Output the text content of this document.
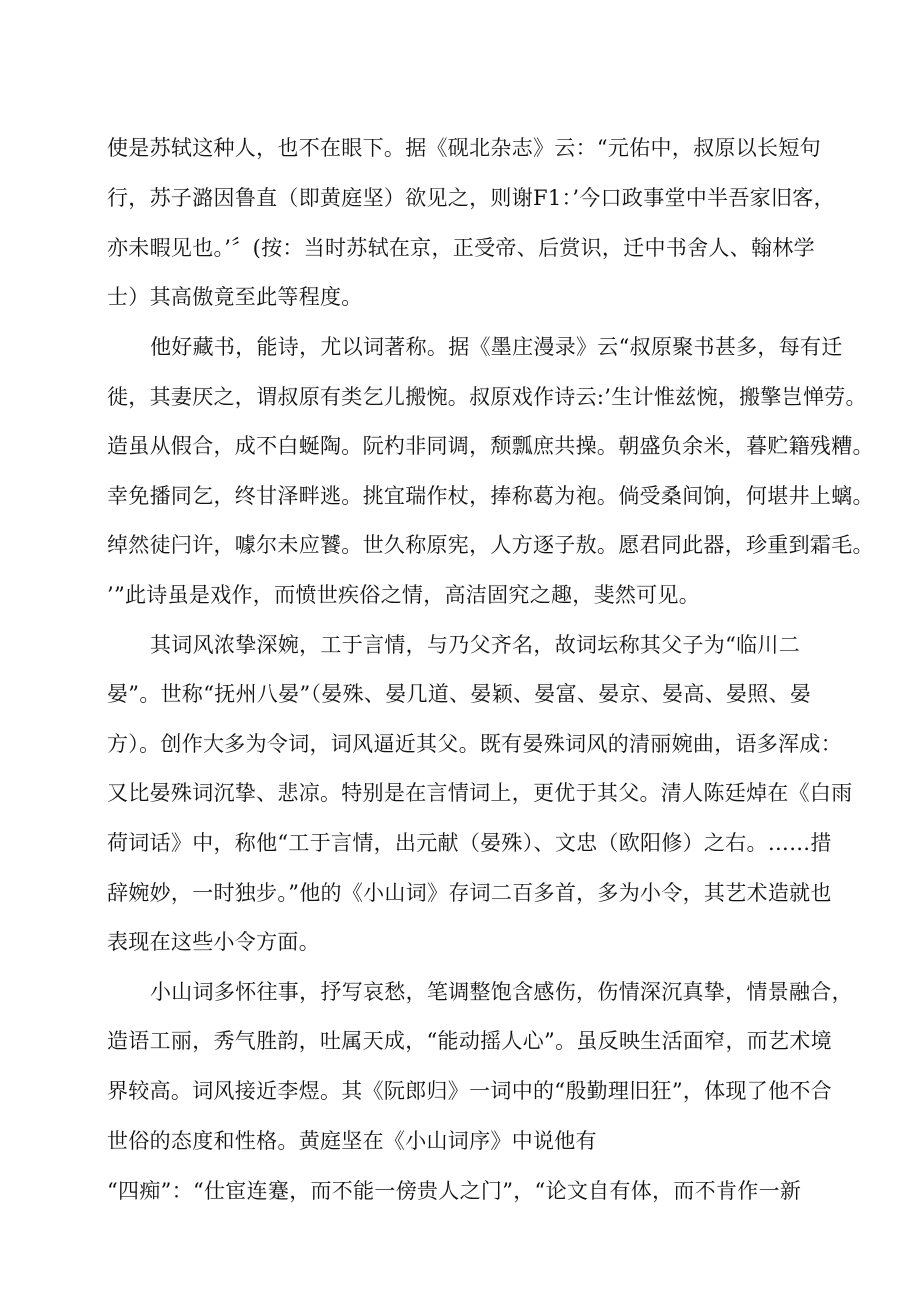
使是苏轼这种人，也不在眼下。据《砚北杂志》云：“元佑中，叔原以长短句
行，苏子潞因鲁直（即黄庭坚）欲见之，则谢F1：’今口政事堂中半吾家旧客，
亦未暇见也。’〞(按：当时苏轼在京，正受帝、后赏识，迁中书舍人、翰林学
士）其高傲竟至此等程度。
他好藏书，能诗，尤以词著称。据《墨庄漫录》云“叔原聚书甚多，每有迁
徙，其妻厌之，谓叔原有类乞儿搬惋。叔原戏作诗云:’生计惟兹惋，搬擎岂惮劳。
造虽从假合，成不白蜒陶。阮杓非同调，颓瓢庶共操。朝盛负余米，暮贮籍残糟。
幸免播同乞，终甘泽畔逃。挑宜瑞作杖，捧称葛为袍。倘受桑间饷，何堪井上螭。
绰然徒闩许，噱尔未应饕。世久称原宪，人方逐子敖。愿君同此器，珍重到霜毛。
’”此诗虽是戏作，而愤世疾俗之情，高洁固究之趣，斐然可见。
其词风浓挚深婉，工于言情，与乃父齐名，故词坛称其父子为“临川二
晏”。世称“抚州八晏”（晏殊、晏几道、晏颖、晏富、晏京、晏高、晏照、晏
方）。创作大多为令词，词风逼近其父。既有晏殊词风的清丽婉曲，语多浑成：
又比晏殊词沉挚、悲凉。特别是在言情词上，更优于其父。清人陈廷焯在《白雨
荷词话》中，称他“工于言情，出元献（晏殊）、文忠（欧阳修）之右。……措
辞婉妙，一时独步。”他的《小山词》存词二百多首，多为小令，其艺术造就也
表现在这些小令方面。
小山词多怀往事，抒写哀愁，笔调整饱含感伤，伤情深沉真挚，情景融合，
造语工丽，秀气胜韵，吐属天成，“能动摇人心”。虽反映生活面窄，而艺术境
界较高。词风接近李煜。其《阮郎归》一词中的“殷勤理旧狂”，体现了他不合
世俗的态度和性格。黄庭坚在《小山词序》中说他有
“四痴”：“仕宦连蹇，而不能一傍贵人之门”，“论文自有体，而不肯作一新
